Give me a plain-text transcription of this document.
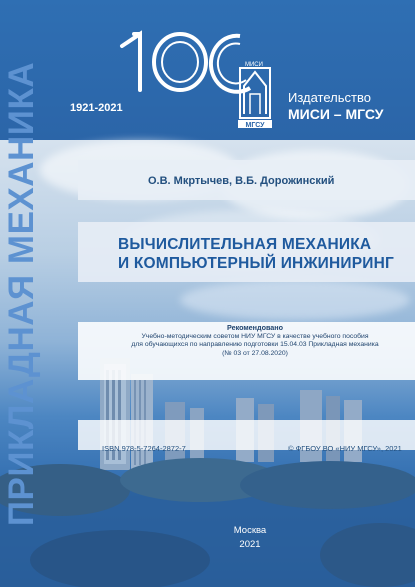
ПРИКЛАДНАЯ МЕХАНИКА	МИСИ
МГСУ
1921-2021
Издательство
МИСИ – МГСУ
О.В. Мкртычев, В.Б. Дорожинский
ВЫЧИСЛИТЕЛЬНАЯ МЕХАНИКА
И КОМПЬЮТЕРНЫЙ ИНЖИНИРИНГ
Рекомендовано
Учебно-методическим советом НИУ МГСУ в качестве учебного пособия
для обучающихся по направлению подготовки 15.04.03 Прикладная механика
(№ 03 от 27.08.2020)
ISBN 978-5-7264-2872-7	© ФГБОУ ВО «НИУ МГСУ», 2021
Москва
2021
